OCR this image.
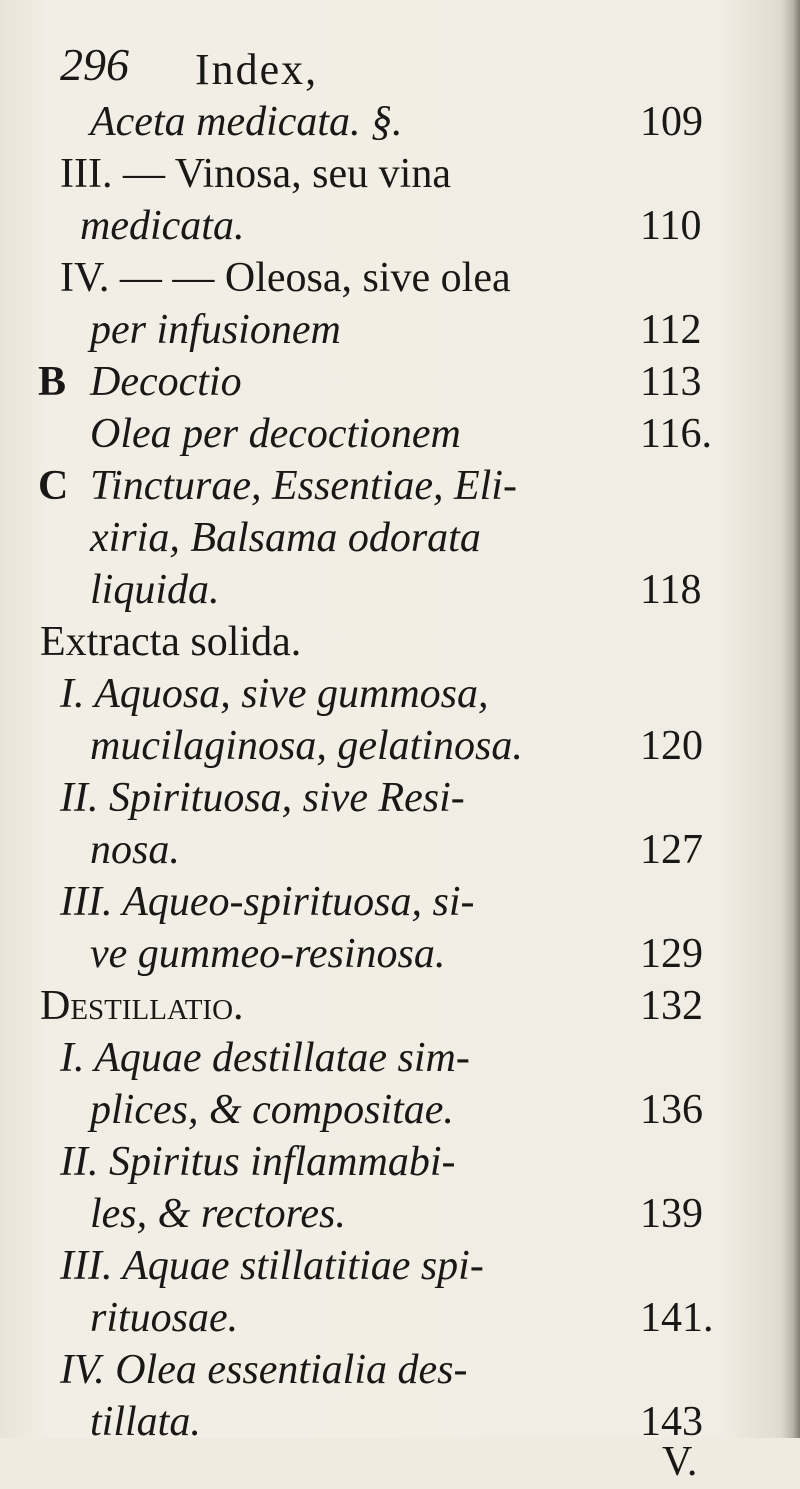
296 Index,
Aceta medicata. §.	109
III. — Vinosa, seu vina
medicata.	110
IV. — — Oleosa, sive olea
per infusionem	112
B Decoctio	113
Olea per decoctionem	116.
C Tincturae, Essentiae, Eli-
xiria, Balsama odorata
liquida.	118
Extracta solida.
I. Aquosa, sive gummosa,
mucilaginosa, gelatinosa.	120
II. Spirituosa, sive Resi-
nosa.	127
III. Aqueo-spirituosa, si-
ve gummeo-resinosa.	129
Destillatio.	132
I. Aquae destillatae sim-
plices, & compositae.	136
II. Spiritus inflammabi-
les, & rectores.	139
III. Aquae stillatitiae spi-
rituosae.	141.
IV. Olea essentialia des-
tillata.	143
V.
